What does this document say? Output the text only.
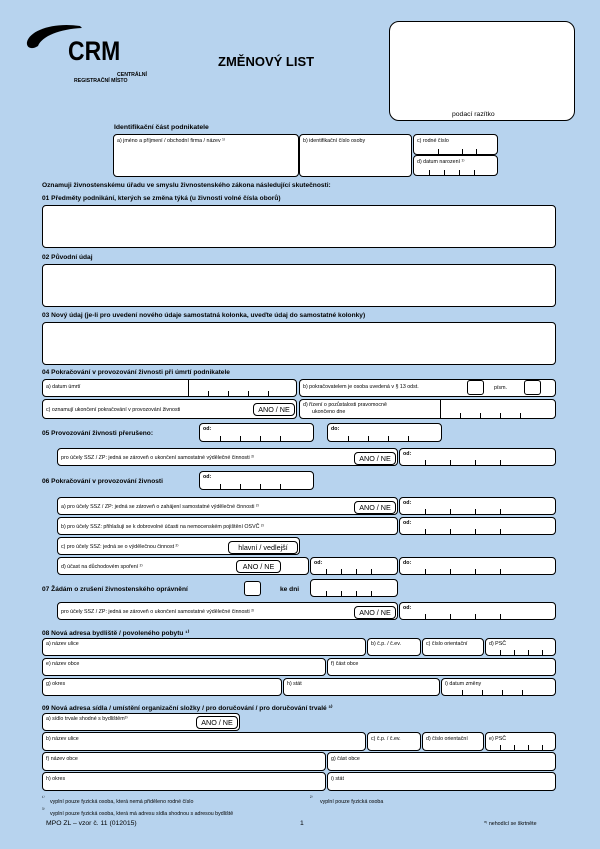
CRM
CENTRÁLNÍ
REGISTRAČNÍ MÍSTO
ZMĚNOVÝ LIST
podací razítko
Identifikační část podnikatele
a) jméno a příjmení / obchodní firma / název ¹⁾	b) identifikační číslo osoby	c) rodné číslo
d) datum narození ¹⁾
Oznamuji živnostenskému úřadu ve smyslu živnostenského zákona následující skutečnosti:
01 Předměty podnikání, kterých se změna týká (u živnosti volné čísla oborů)
02 Původní údaj
03 Nový údaj (je-li pro uvedení nového údaje samostatná kolonka, uveďte údaj do samostatné kolonky)
04 Pokračování v provozování živnosti při úmrtí podnikatele
a) datum úmrtí	b) pokračovatelem je osoba uvedená v § 13 odst.	písm.
c) oznamují ukončení pokračování v provozování živnosti	ANO / NE	d) řízení o pozůstalosti pravomocně
ukončeno dne
05 Provozování živnosti přerušeno:
od:	do:
pro účely SSZ / ZP: jedná se zároveň o ukončení samostatné výdělečné činnosti ²⁾	ANO / NE	od:
06 Pokračování v provozování živnosti
od:
a) pro účely SSZ / ZP: jedná se zároveň o zahájení samostatné výdělečné činnosti ²⁾	ANO / NE	od:
b) pro účely SSZ: přihlašuji se k dobrovolné účasti na nemocenském pojištění OSVČ ²⁾
od:
c) pro účely SSZ: jedná se o výdělečnou činnost ²⁾	hlavní / vedlejší
d) účast na důchodovém spoření ²⁾	ANO / NE	od:	do:
07 Žádám o zrušení živnostenského oprávnění	ke dni
pro účely SSZ / ZP: jedná se zároveň o ukončení samostatné výdělečné činnosti ²⁾	ANO / NE	od:
08 Nová adresa bydliště / povoleného pobytu ¹⁾
a) název ulice	b) č.p. / č.ev.	c) číslo orientační	d) PSČ
e) název obce	f) část obce
g) okres	h) stát	i) datum změny
09 Nová adresa sídla / umístění organizační složky / pro doručování / pro doručování trvalé ³⁾
a) sídlo trvale shodné s bydlištěm³⁾	ANO / NE
b) název ulice	c) č.p. / č.ev.	d) číslo orientační	e) PSČ
f) název obce	g) část obce
h) okres	i) stát
¹⁾
vyplní pouze fyzická osoba, která nemá přiděleno rodné číslo
²⁾
vyplní pouze fyzická osoba
³⁾
vyplní pouze fyzická osoba, která má adresu sídla shodnou s adresou bydliště
MPO ZL – vzor č. 11 (012015)	1	*⁾ nehodící se škrtněte
